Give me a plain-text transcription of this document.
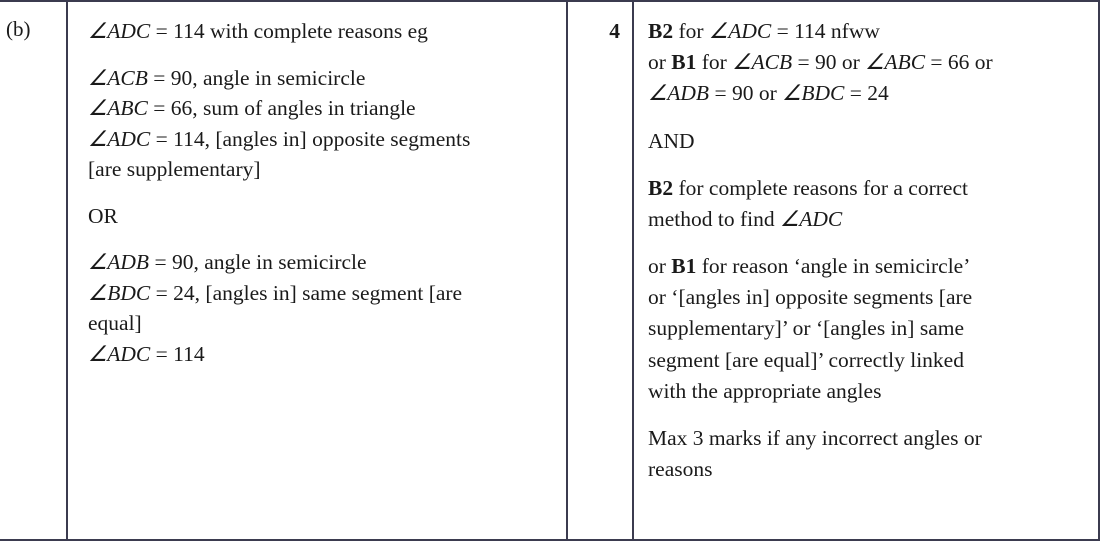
(b)	∠ADC = 114 with complete reasons eg
∠ACB = 90, angle in semicircle
∠ABC = 66, sum of angles in triangle
∠ADC = 114, [angles in] opposite segments
[are supplementary]
OR
∠ADB = 90, angle in semicircle
∠BDC = 24, [angles in] same segment [are
equal]
∠ADC = 114
4 B2 for ∠ADC = 114 nfww
or B1 for ∠ACB = 90 or ∠ABC = 66 or
∠ADB = 90 or ∠BDC = 24
AND
B2 for complete reasons for a correct
method to find ∠ADC
or B1 for reason ‘angle in semicircle’
or ‘[angles in] opposite segments [are
supplementary]’ or ‘[angles in] same
segment [are equal]’ correctly linked
with the appropriate angles
Max 3 marks if any incorrect angles or
reasons
